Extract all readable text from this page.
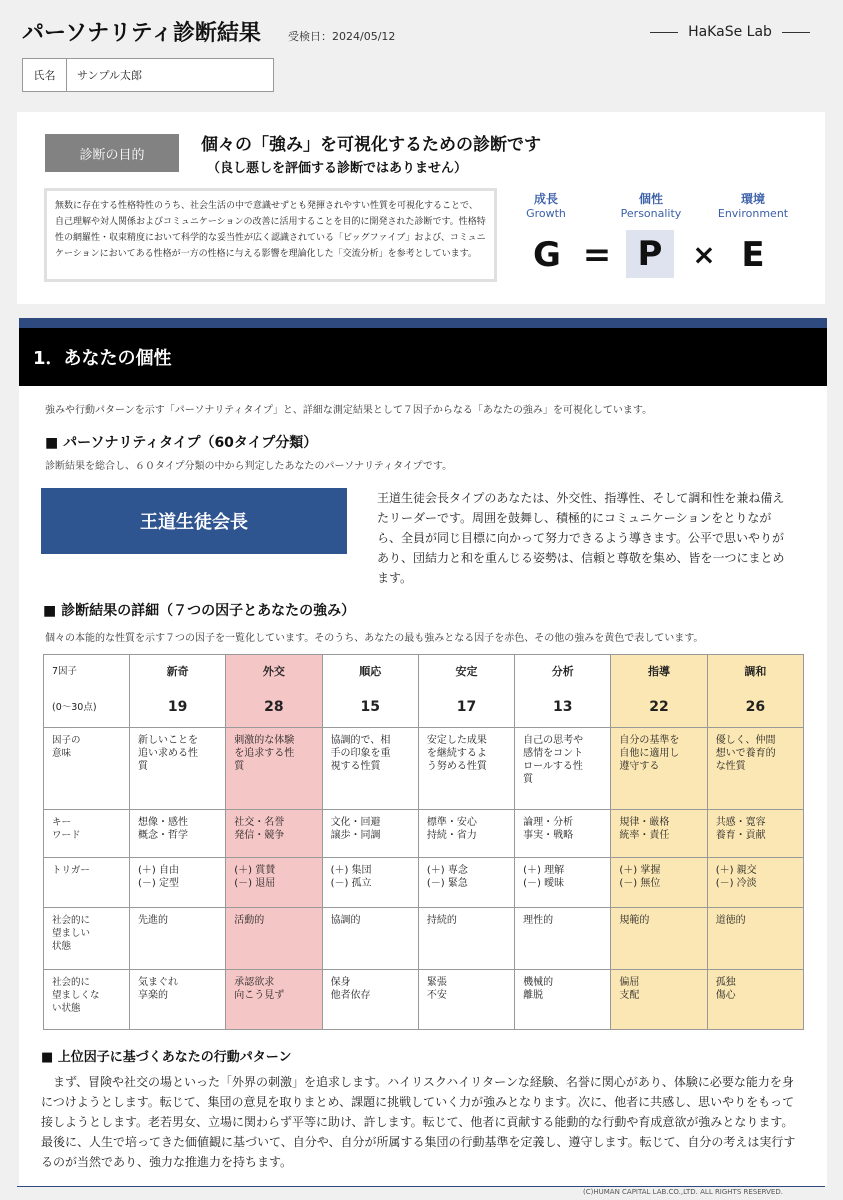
パーソナリティ診断結果 受検日：2024/05/12	HaKaSe Lab
氏名	サンプル太郎
診断の目的	個々の「強み」を可視化するための診断です
（良し悪しを評価する診断ではありません）
無数に存在する性格特性のうち、社会生活の中で意識せずとも発揮されやすい性質を可視化することで、自己理解や対人関係およびコミュニケーションの改善に活用することを目的に開発された診断です。性格特性の網羅性・収束精度において科学的な妥当性が広く認識されている「ビッグファイブ」および、コミュニケーションにおいてある性格が一方の性格に与える影響を理論化した「交流分析」を参考としています。
成長
Growth
個性
Personality
環境
Environment
G = P	× E
1．あなたの個性
強みや行動パターンを示す「パーソナリティタイプ」と、詳細な測定結果として７因子からなる「あなたの強み」を可視化しています。
■ パーソナリティタイプ（60タイプ分類）
診断結果を総合し、６０タイプ分類の中から判定したあなたのパーソナリティタイプです。
王道生徒会長
王道生徒会長タイプのあなたは、外交性、指導性、そして調和性を兼ね備えたリーダーです。周囲を鼓舞し、積極的にコミュニケーションをとりながら、全員が同じ目標に向かって努力できるよう導きます。公平で思いやりがあり、団結力と和を重んじる姿勢は、信頼と尊敬を集め、皆を一つにまとめます。
■ 診断結果の詳細（７つの因子とあなたの強み）
個々の本能的な性質を示す７つの因子を一覧化しています。そのうち、あなたの最も強みとなる因子を赤色、その他の強みを黄色で表しています。
7因子	新奇	外交	順応	安定	分析	指導	調和
(0～30点)	19	28	15	17	13	22	26
因子の
意味	新しいことを
追い求める性
質	刺激的な体験
を追求する性
質	協調的で、相
手の印象を重
視する性質	安定した成果
を継続するよ
う努める性質	自己の思考や
感情をコント
ロールする性
質	自分の基準を
自他に適用し
遵守する	優しく、仲間
想いで養育的
な性質
キー
ワード	想像・感性
概念・哲学	社交・名誉
発信・競争	文化・回避
譲歩・同調	標準・安心
持続・省力	論理・分析
事実・戦略	規律・厳格
統率・責任	共感・寛容
養育・貢献
トリガー	(＋) 自由
(－) 定型	(＋) 賞賛
(－) 退屈	(＋) 集団
(－) 孤立	(＋) 専念
(－) 緊急	(＋) 理解
(－) 曖昧	(＋) 掌握
(－) 無位	(＋) 親交
(－) 冷淡
社会的に
望ましい
状態	先進的	活動的	協調的	持続的	理性的	規範的	道徳的
社会的に
望ましくな
い状態	気まぐれ
享楽的	承認欲求
向こう見ず	保身
他者依存	緊張
不安	機械的
離脱	偏屈
支配	孤独
傷心
■ 上位因子に基づくあなたの行動パターン
まず、冒険や社交の場といった「外界の刺激」を追求します。ハイリスクハイリターンな経験、名誉に関心があり、体験に必要な能力を身につけようとします。転じて、集団の意見を取りまとめ、課題に挑戦していく力が強みとなります。次に、他者に共感し、思いやりをもって接しようとします。老若男女、立場に関わらず平等に助け、許します。転じて、他者に貢献する能動的な行動や育成意欲が強みとなります。最後に、人生で培ってきた価値観に基づいて、自分や、自分が所属する集団の行動基準を定義し、遵守します。転じて、自分の考えは実行するのが当然であり、強力な推進力を持ちます。
(C)HUMAN CAPITAL LAB.CO.,LTD. ALL RIGHTS RESERVED.
